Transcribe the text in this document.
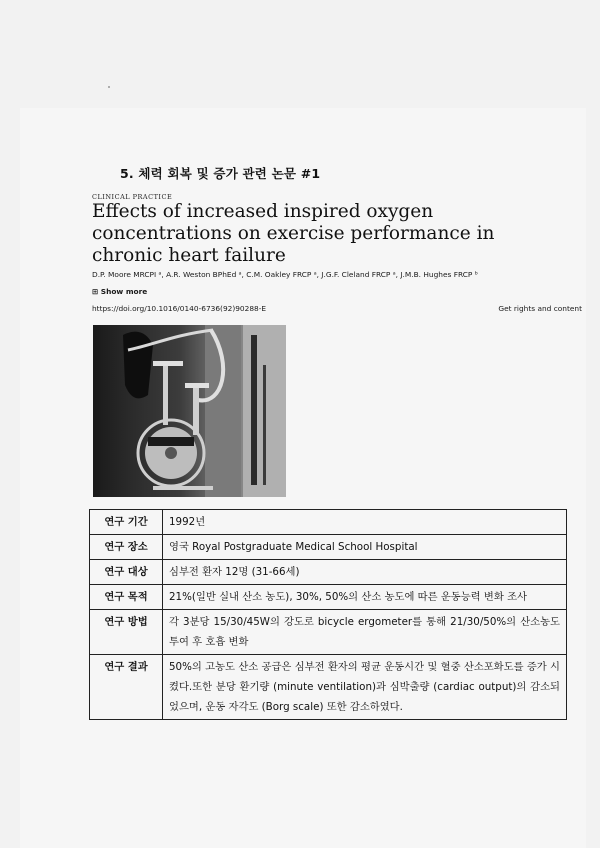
5. 체력 회복 및 증가 관련 논문 #1
CLINICAL PRACTICE
Effects of increased inspired oxygen concentrations on exercise performance in chronic heart failure
D.P. Moore MRCPI ᵃ, A.R. Weston BPhEd ᵃ, C.M. Oakley FRCP ᵃ, J.G.F. Cleland FRCP ᵃ, J.M.B. Hughes FRCP ᵇ
⊞ Show more
https://doi.org/10.1016/0140-6736(92)90288-E	Get rights and content
연구 기간	1992년
연구 장소	영국 Royal Postgraduate Medical School Hospital
연구 대상	심부전 환자 12명 (31-66세)
연구 목적	21%(일반 실내 산소 농도), 30%, 50%의 산소 농도에 따른 운동능력 변화 조사
연구 방법	각 3분당 15/30/45W의 강도로 bicycle ergometer를 통해 21/30/50%의 산소농도 투여 후 호흡 변화
연구 결과	50%의 고농도 산소 공급은 심부전 환자의 평균 운동시간 및 혈중 산소포화도를 증가 시켰다.또한 분당 환기량 (minute ventilation)과 심박출량 (cardiac output)의 감소되었으며, 운동 자각도 (Borg scale) 또한 감소하였다.
